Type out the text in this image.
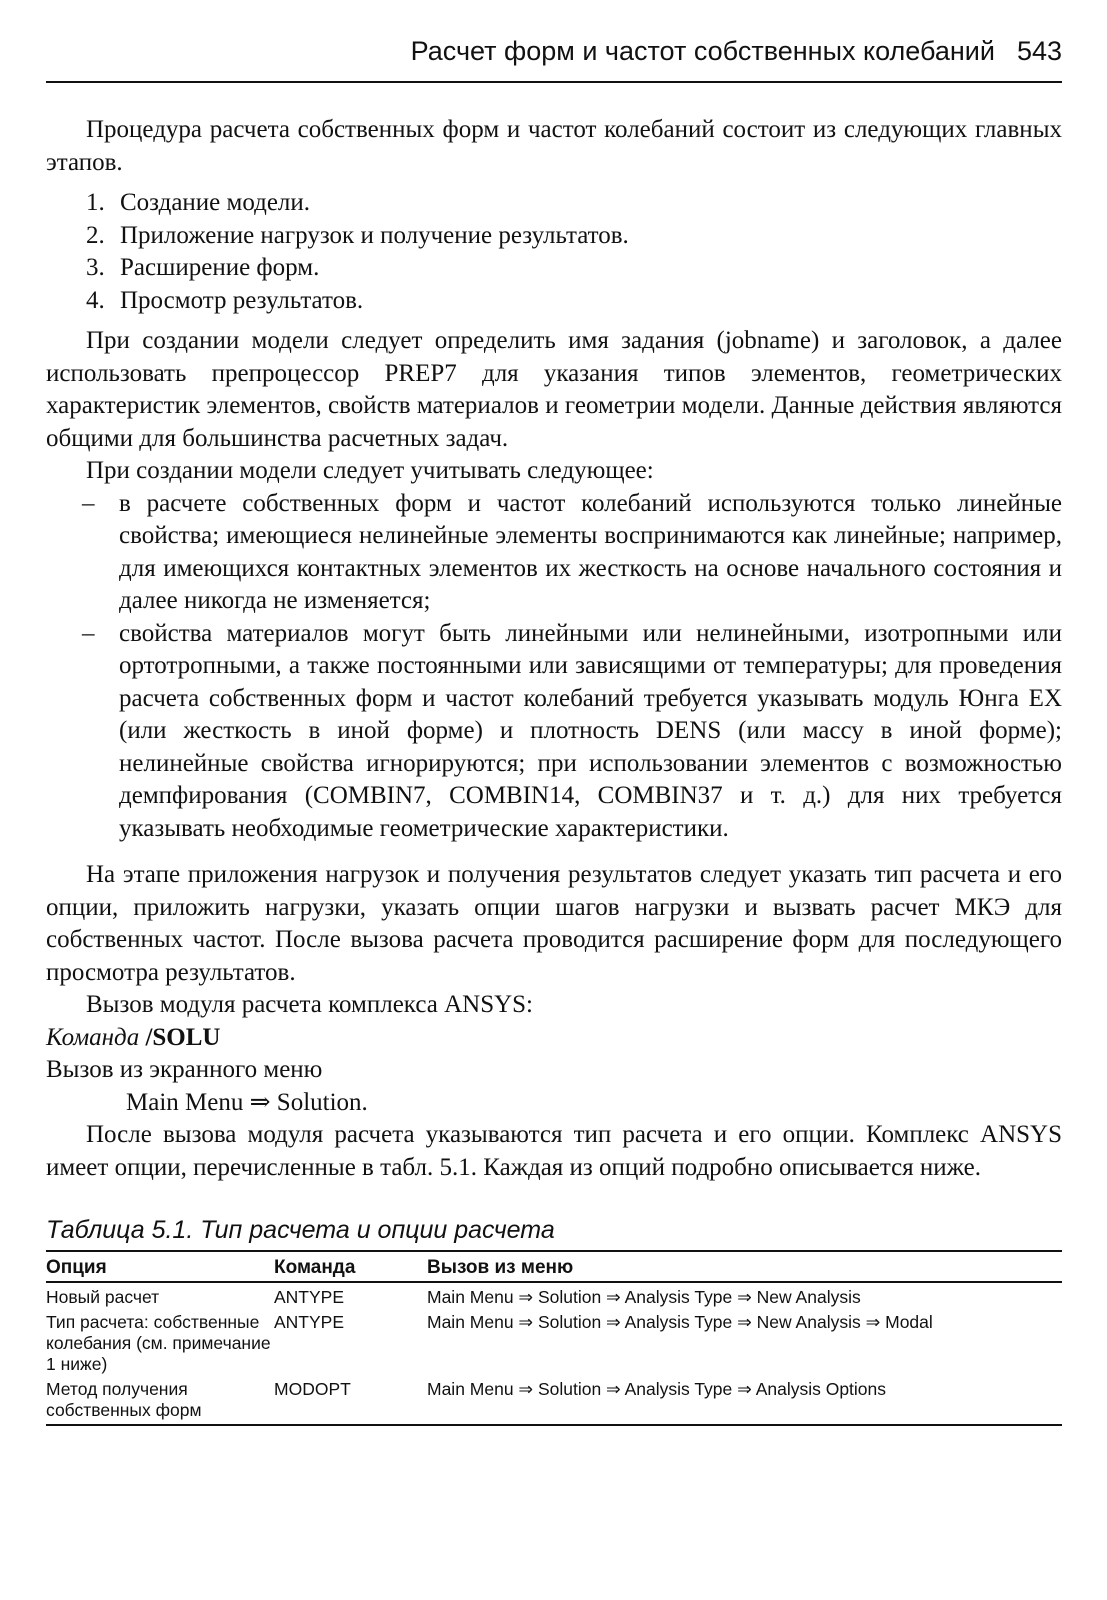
Расчет форм и частот собственных колебаний 543

Процедура расчета собственных форм и частот колебаний состоит из следующих главных этапов.

1. Создание модели.
2. Приложение нагрузок и получение результатов.
3. Расширение форм.
4. Просмотр результатов.

При создании модели следует определить имя задания (jobname) и заголовок, а далее использовать препроцессор PREP7 для указания типов элементов, геометрических характеристик элементов, свойств материалов и геометрии модели. Данные действия являются общими для большинства расчетных задач.

При создании модели следует учитывать следующее:

– в расчете собственных форм и частот колебаний используются только линейные свойства; имеющиеся нелинейные элементы воспринимаются как линейные; например, для имеющихся контактных элементов их жесткость на основе начального состояния и далее никогда не изменяется;
– свойства материалов могут быть линейными или нелинейными, изотропными или ортотропными, а также постоянными или зависящими от температуры; для проведения расчета собственных форм и частот колебаний требуется указывать модуль Юнга EX (или жесткость в иной форме) и плотность DENS (или массу в иной форме); нелинейные свойства игнорируются; при использовании элементов с возможностью демпфирования (COMBIN7, COMBIN14, COMBIN37 и т. д.) для них требуется указывать необходимые геометрические характеристики.

На этапе приложения нагрузок и получения результатов следует указать тип расчета и его опции, приложить нагрузки, указать опции шагов нагрузки и вызвать расчет МКЭ для собственных частот. После вызова расчета проводится расширение форм для последующего просмотра результатов.

Вызов модуля расчета комплекса ANSYS:

Команда /SOLU

Вызов из экранного меню

Main Menu ⇒ Solution.

После вызова модуля расчета указываются тип расчета и его опции. Комплекс ANSYS имеет опции, перечисленные в табл. 5.1. Каждая из опций подробно описывается ниже.

Таблица 5.1. Тип расчета и опции расчета
Опция	Команда	Вызов из меню
Новый расчет	ANTYPE	Main Menu ⇒ Solution ⇒ Analysis Type ⇒ New Analysis
Тип расчета: собственные колебания (см. примечание 1 ниже)	ANTYPE	Main Menu ⇒ Solution ⇒ Analysis Type ⇒ New Analysis ⇒ Modal
Метод получения собственных форм	MODOPT	Main Menu ⇒ Solution ⇒ Analysis Type ⇒ Analysis Options
